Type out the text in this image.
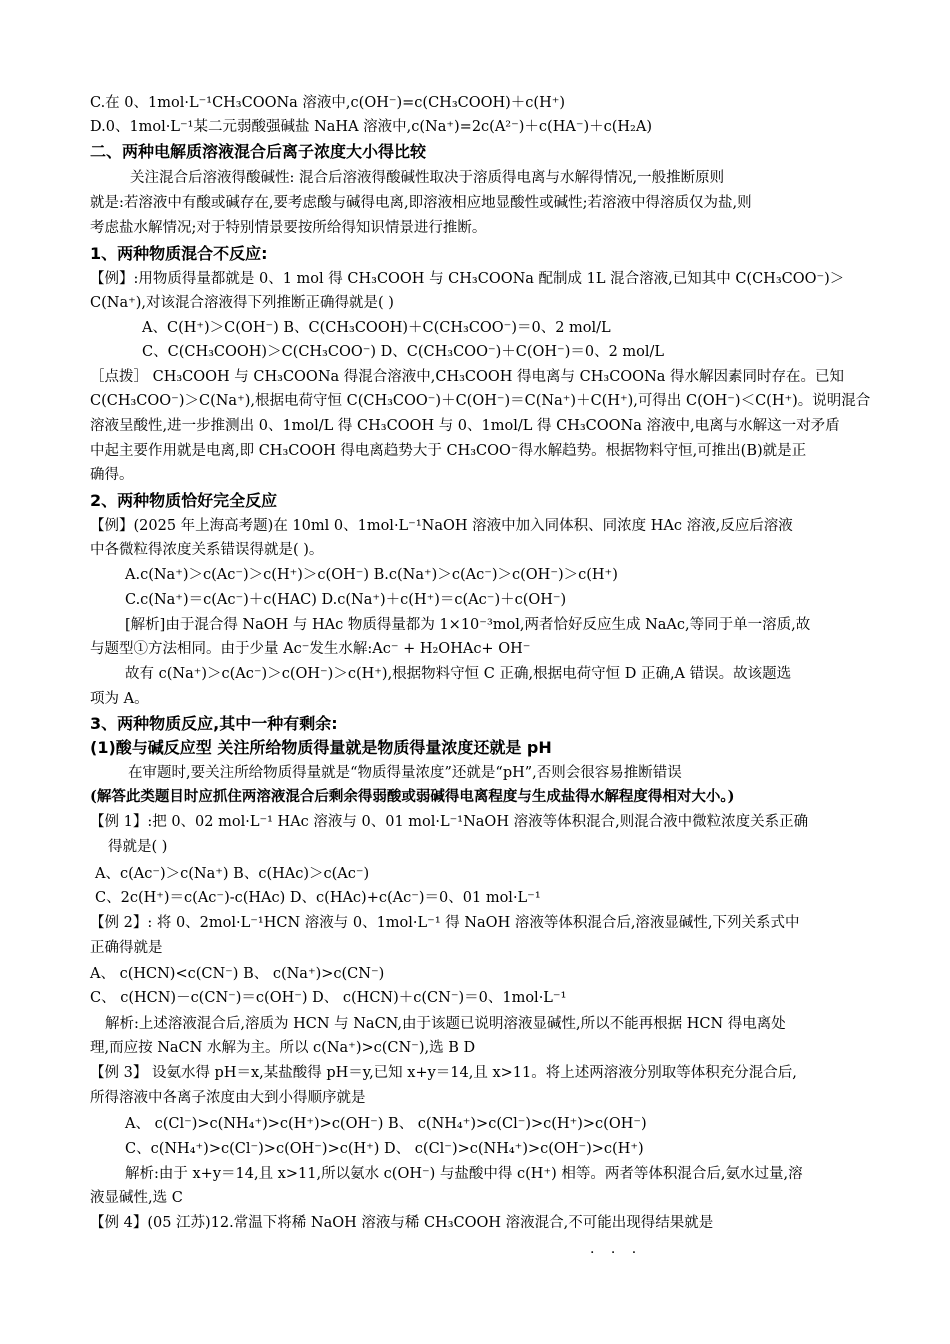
C.在 0、1mol·L⁻¹CH₃COONa 溶液中,c(OH⁻)=c(CH₃COOH)＋c(H⁺)
D.0、1mol·L⁻¹某二元弱酸强碱盐 NaHA 溶液中,c(Na⁺)=2c(A²⁻)＋c(HA⁻)＋c(H₂A)
二、两种电解质溶液混合后离子浓度大小得比较
关注混合后溶液得酸碱性: 混合后溶液得酸碱性取决于溶质得电离与水解得情况,一般推断原则
就是:若溶液中有酸或碱存在,要考虑酸与碱得电离,即溶液相应地显酸性或碱性;若溶液中得溶质仅为盐,则
考虑盐水解情况;对于特别情景要按所给得知识情景进行推断。
1、两种物质混合不反应:
【例】:用物质得量都就是 0、1 mol 得 CH₃COOH 与 CH₃COONa 配制成 1L 混合溶液,已知其中 C(CH₃COO⁻)＞
C(Na⁺),对该混合溶液得下列推断正确得就是( )
A、C(H⁺)＞C(OH⁻) B、C(CH₃COOH)＋C(CH₃COO⁻)＝0、2 mol/L
C、C(CH₃COOH)＞C(CH₃COO⁻) D、C(CH₃COO⁻)＋C(OH⁻)＝0、2 mol/L
［点拨］ CH₃COOH 与 CH₃COONa 得混合溶液中,CH₃COOH 得电离与 CH₃COONa 得水解因素同时存在。已知
C(CH₃COO⁻)＞C(Na⁺),根据电荷守恒 C(CH₃COO⁻)＋C(OH⁻)＝C(Na⁺)＋C(H⁺),可得出 C(OH⁻)＜C(H⁺)。说明混合
溶液呈酸性,进一步推测出 0、1mol/L 得 CH₃COOH 与 0、1mol/L 得 CH₃COONa 溶液中,电离与水解这一对矛盾
中起主要作用就是电离,即 CH₃COOH 得电离趋势大于 CH₃COO⁻得水解趋势。根据物料守恒,可推出(B)就是正
确得。
2、两种物质恰好完全反应
【例】(2025 年上海高考题)在 10ml 0、1mol·L⁻¹NaOH 溶液中加入同体积、同浓度 HAc 溶液,反应后溶液
中各微粒得浓度关系错误得就是( )。
A.c(Na⁺)＞c(Ac⁻)＞c(H⁺)＞c(OH⁻) B.c(Na⁺)＞c(Ac⁻)＞c(OH⁻)＞c(H⁺)
C.c(Na⁺)＝c(Ac⁻)＋c(HAC) D.c(Na⁺)＋c(H⁺)＝c(Ac⁻)＋c(OH⁻)
[解析]由于混合得 NaOH 与 HAc 物质得量都为 1×10⁻³mol,两者恰好反应生成 NaAc,等同于单一溶质,故
与题型①方法相同。由于少量 Ac⁻发生水解:Ac⁻ + H₂OHAc+ OH⁻
故有 c(Na⁺)＞c(Ac⁻)＞c(OH⁻)＞c(H⁺),根据物料守恒 C 正确,根据电荷守恒 D 正确,A 错误。故该题选
项为 A。
3、两种物质反应,其中一种有剩余:
(1)酸与碱反应型 关注所给物质得量就是物质得量浓度还就是 pH
在审题时,要关注所给物质得量就是“物质得量浓度”还就是“pH”,否则会很容易推断错误
(解答此类题目时应抓住两溶液混合后剩余得弱酸或弱碱得电离程度与生成盐得水解程度得相对大小。)
【例 1】:把 0、02 mol·L⁻¹ HAc 溶液与 0、01 mol·L⁻¹NaOH 溶液等体积混合,则混合液中微粒浓度关系正确
得就是( )
A、c(Ac⁻)＞c(Na⁺) B、c(HAc)＞c(Ac⁻)
C、2c(H⁺)＝c(Ac⁻)-c(HAc) D、c(HAc)+c(Ac⁻)＝0、01 mol·L⁻¹
【例 2】: 将 0、2mol·L⁻¹HCN 溶液与 0、1mol·L⁻¹ 得 NaOH 溶液等体积混合后,溶液显碱性,下列关系式中
正确得就是
A、 c(HCN)<c(CN⁻) B、 c(Na⁺)>c(CN⁻)
C、 c(HCN)－c(CN⁻)＝c(OH⁻) D、 c(HCN)＋c(CN⁻)＝0、1mol·L⁻¹
解析:上述溶液混合后,溶质为 HCN 与 NaCN,由于该题已说明溶液显碱性,所以不能再根据 HCN 得电离处
理,而应按 NaCN 水解为主。所以 c(Na⁺)>c(CN⁻),选 B D
【例 3】 设氨水得 pH＝x,某盐酸得 pH＝y,已知 x+y＝14,且 x>11。将上述两溶液分别取等体积充分混合后,
所得溶液中各离子浓度由大到小得顺序就是
A、 c(Cl⁻)>c(NH₄⁺)>c(H⁺)>c(OH⁻) B、 c(NH₄⁺)>c(Cl⁻)>c(H⁺)>c(OH⁻)
C、c(NH₄⁺)>c(Cl⁻)>c(OH⁻)>c(H⁺) D、 c(Cl⁻)>c(NH₄⁺)>c(OH⁻)>c(H⁺)
解析:由于 x+y＝14,且 x>11,所以氨水 c(OH⁻) 与盐酸中得 c(H⁺) 相等。两者等体积混合后,氨水过量,溶
液显碱性,选 C
【例 4】(05 江苏)12.常温下将稀 NaOH 溶液与稀 CH₃COOH 溶液混合,不可能出现得结果就是
· · ·
